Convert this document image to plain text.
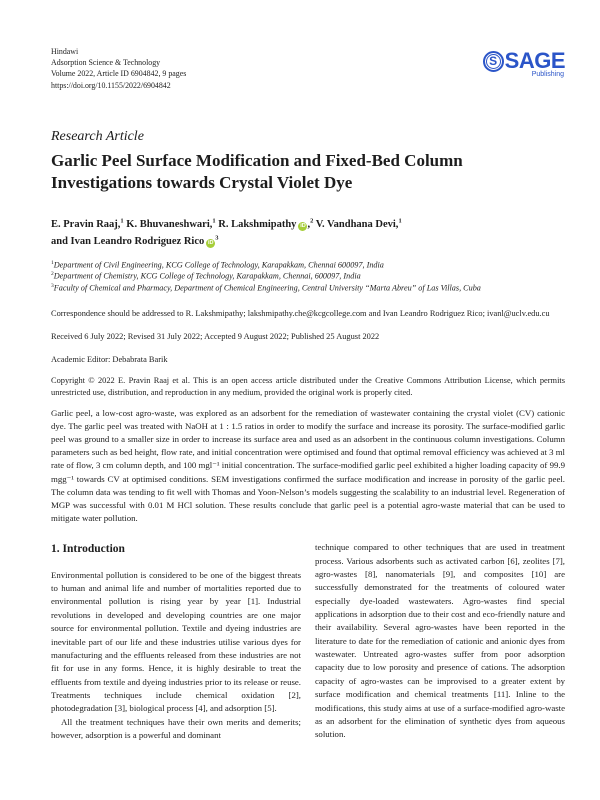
Hindawi
Adsorption Science & Technology
Volume 2022, Article ID 6904842, 9 pages
https://doi.org/10.1155/2022/6904842
S SAGE
Publishing
Research Article
Garlic Peel Surface Modification and Fixed-Bed Column
Investigations towards Crystal Violet Dye
E. Pravin Raaj,$^1$ K. Bhuvaneshwari,$^1$ R. Lakshmipathy iD ,$^2$ V. Vandhana Devi,$^1$
and Ivan Leandro Rodriguez Rico $iD^3$
$^1$Department of Civil Engineering, KCG College of Technology, Karapakkam, Chennai 600097, India
$^2$Department of Chemistry, KCG College of Technology, Karapakkam, Chennai, 600097, India
$^3$Faculty of Chemical and Pharmacy, Department of Chemical Engineering, Central University “Marta Abreu” of Las Villas, Cuba
Correspondence should be addressed to R. Lakshmipathy; lakshmipathy.che@kcgcollege.com and Ivan Leandro Rodriguez Rico; ivanl@uclv.edu.cu
Received 6 July 2022; Revised 31 July 2022; Accepted 9 August 2022; Published 25 August 2022
Academic Editor: Debabrata Barik
Copyright © 2022 E. Pravin Raaj et al. This is an open access article distributed under the Creative Commons Attribution License, which permits unrestricted use, distribution, and reproduction in any medium, provided the original work is properly cited.
Garlic peel, a low-cost agro-waste, was explored as an adsorbent for the remediation of wastewater containing the crystal violet (CV) cationic dye. The garlic peel was treated with NaOH at 1 : 1.5 ratios in order to modify the surface and increase its porosity. The surface-modified garlic peel was ground to a smaller size in order to increase its surface area and used as an adsorbent in the continuous column investigations. Column parameters such as bed height, flow rate, and initial concentration were optimised and found that optimal removal efficiency was achieved at 3 ml rate of flow, 3 cm column depth, and 100 mgl⁻¹ initial concentration. The surface-modified garlic peel exhibited a higher loading capacity of 99.9 mgg⁻¹ towards CV at optimised conditions. SEM investigations confirmed the surface modification and increase in porosity of the garlic peel. The column data was tending to fit well with Thomas and Yoon-Nelson’s models suggesting the scalability to an industrial level. Regeneration of MGP was successful with 0.01 M HCl solution. These results conclude that garlic peel is a potential agro-waste material that can be used to mitigate water pollution.
1. Introduction

Environmental pollution is considered to be one of the biggest threats to human and animal life and number of mortalities reported due to environmental pollution is rising year by year [1]. Industrial revolutions in developed and developing countries are one major source for environmental pollution. Textile and dyeing industries are inevitable part of our life and these industries utilise various dyes for manufacturing and the effluents released from these industries are not fit for use in any forms. Hence, it is highly desirable to treat the effluents from textile and dyeing industries prior to its release or reuse. Treatments techniques include chemical oxidation [2], photodegradation [3], biological process [4], and adsorption [5].

All the treatment techniques have their own merits and demerits; however, adsorption is a powerful and dominant

technique compared to other techniques that are used in treatment process. Various adsorbents such as activated carbon [6], zeolites [7], agro-wastes [8], nanomaterials [9], and composites [10] are successfully demonstrated for the treatments of coloured water especially dye-loaded wastewaters. Agro-wastes find special applications in adsorption due to their cost and eco-friendly nature and their availability. Several agro-wastes have been reported in the literature to date for the remediation of cationic and anionic dyes from wastewater. Untreated agro-wastes suffer from poor adsorption capacity due to low porosity and presence of cations. The adsorption capacity of agro-wastes can be improvised to a greater extent by surface modification and chemical treatments [11]. Inline to the modifications, this study aims at use of a surface-modified agro-waste as an adsorbent for the elimination of synthetic dyes from aqueous solution.
